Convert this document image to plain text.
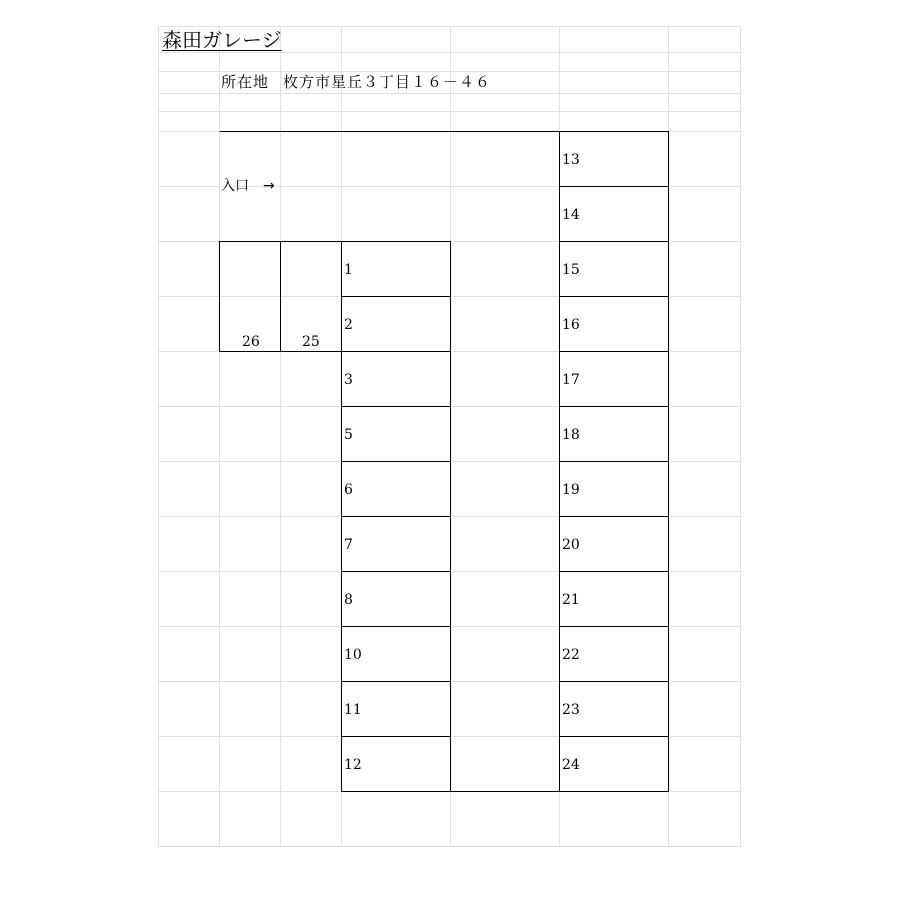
森田ガレージ
所在地 枚方市星丘３丁目１６－４６
入口 →
1
2
3
5
6
7
8
10
11
12
13
14
15
16
17
18
19
20
21
22
23
24
26	25
